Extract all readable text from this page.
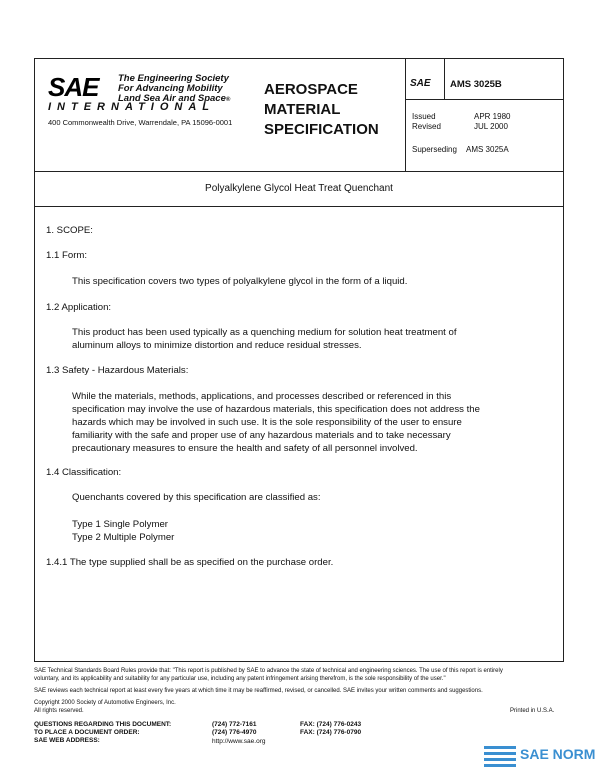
SAE The Engineering Society
For Advancing Mobility
Land Sea Air and Space®
INTERNATIONAL
400 Commonwealth Drive, Warrendale, PA 15096-0001
AEROSPACE
MATERIAL
SPECIFICATION
SAE AMS 3025B
Issued	APR 1980
Revised	JUL 2000
Superseding AMS 3025A
Polyalkylene Glycol Heat Treat Quenchant
1. SCOPE:
1.1 Form:
This specification covers two types of polyalkylene glycol in the form of a liquid.
1.2 Application:
This product has been used typically as a quenching medium for solution heat treatment of
aluminum alloys to minimize distortion and reduce residual stresses.
1.3 Safety - Hazardous Materials:
While the materials, methods, applications, and processes described or referenced in this
specification may involve the use of hazardous materials, this specification does not address the
hazards which may be involved in such use. It is the sole responsibility of the user to ensure
familiarity with the safe and proper use of any hazardous materials and to take necessary
precautionary measures to ensure the health and safety of all personnel involved.
1.4 Classification:
Quenchants covered by this specification are classified as:
Type 1 Single Polymer
Type 2 Multiple Polymer
1.4.1 The type supplied shall be as specified on the purchase order.
SAE Technical Standards Board Rules provide that: "This report is published by SAE to advance the state of technical and engineering sciences. The use of this report is entirely
voluntary, and its applicability and suitability for any particular use, including any patent infringement arising therefrom, is the sole responsibility of the user."
SAE reviews each technical report at least every five years at which time it may be reaffirmed, revised, or cancelled. SAE invites your written comments and suggestions.
Copyright 2000 Society of Automotive Engineers, Inc.
All rights reserved.	Printed in U.S.A.
QUESTIONS REGARDING THIS DOCUMENT:	(724) 772-7161	FAX: (724) 776-0243
TO PLACE A DOCUMENT ORDER:	(724) 776-4970	FAX: (724) 776-0790
SAE WEB ADDRESS:	http://www.sae.org
SAE NORM
